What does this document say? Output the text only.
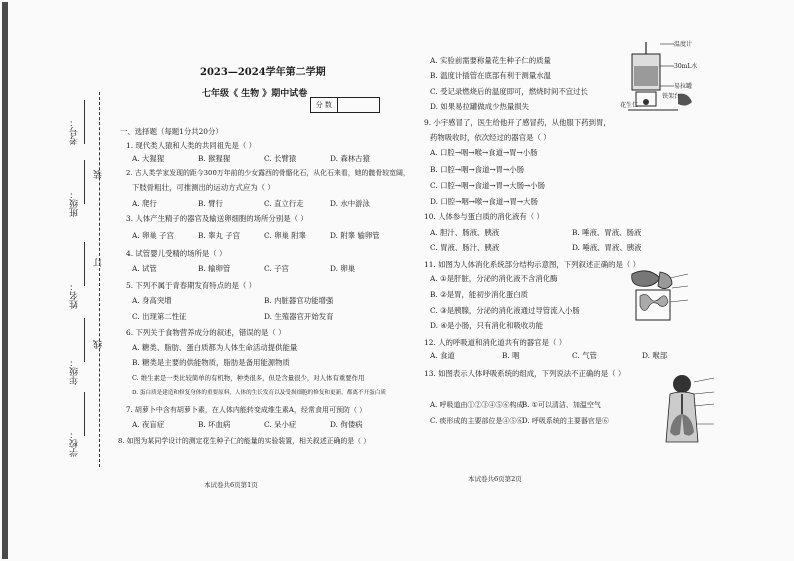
考号：
班级：
姓名：
年级：
学校：
装
订
线
2023—2024学年第二学期
七年级《 生物 》期中试卷
分 数
一、选择题（每题1分共20分）
1. 现代类人猿和人类的共同祖先是（ ）
A. 大猩猩	B. 猴猩猩	C. 长臂猿	D. 森林古猿
2. 古人类学家发现的距今300万年前的少女露西的骨骼化石，从化石来看，她的髋骨较宽阔，
下肢骨粗壮，可推测出的运动方式应为（ ）
A. 爬行	B. 臂行	C. 直立行走	D. 水中游泳
3. 人体产生精子的器官及输送卵细胞的场所分别是（ ）
A. 卵巢 子宫	B. 睾丸 子宫	C. 卵巢 附睾	D. 附睾 输卵管
4. 试管婴儿受精的场所是（ ）
A. 试管	B. 输卵管	C. 子宫	D. 卵巢
5. 下列不属于青春期发育特点的是（ ）
A. 身高突增	B. 内脏器官功能增强
C. 出现第二性征	D. 生殖器官开始发育
6. 下列关于食物营养成分的叙述，错误的是（ ）
A. 糖类、脂肪、蛋白质都为人体生命活动提供能量
B. 糖类是主要的供能物质，脂肪是备用能源物质
C. 维生素是一类比较简单的有机物，种类很多，但是含量很少，对人体有重要作用
D. 蛋白质是建造和修复身体的重要原料，人体的生长发育以及受损细胞的修复和更新，都离不开蛋白质
7. 胡萝卜中含有胡萝卜素，在人体内能转变成维生素A，经常食用可预防（ ）
A. 夜盲症	B. 坏血病	C. 呆小症	D. 佝偻病
8. 如图为某同学设计的测定花生种子仁的能量的实验装置，相关叙述正确的是（ ）
本试卷共6页第1页
A. 实验前需要称量花生种子仁的质量
B. 温度计插管在底部有利于测量水温
C. 受记录燃烧后的温度即可，燃烧时间不宜过长
D. 如果易拉罐做成少热量损失
温度计
30mL水
易拉罐
花生仁
铁架台
9. 小宇感冒了，医生给他开了感冒药，从他服下药到胃，
药物吸收时，依次经过的器官是（ ）
A. 口腔→咽→喉→食道→胃→小肠
B. 口腔→咽→食道→胃→小肠
C. 口腔→咽→食道→胃→大肠→小肠
D. 口腔→咽→喉→食道→胃→大肠
10. 人体参与蛋白质的消化液有（ ）
A. 胆汁、肠液、胰液	B. 唾液、胃液、肠液
C. 胃液、肠汁、胰液	D. 唾液、胃液、胰液
11. 如图为人体消化系统部分结构示意图，下列叙述正确的是（ ）
A. ①是肝脏，分泌的消化液不含消化酶
B. ②是胃，能初步消化蛋白质
C. ③是胰腺，分泌的消化液通过导管流入小肠
D. ④是小肠，只有消化和吸收功能
12. 人的呼吸道和消化道共有的器官是（ ）
A. 食道	B. 咽	C. 气管	D. 喉部
13. 如图表示人体呼吸系统的组成，下列说法不正确的是（ ）
A. 呼吸道由①②③④⑤⑥构成
B. ①可以清洁、加温空气
C. 痰形成的主要部位是④⑤⑥
D. 呼吸系统的主要器官是⑥
本试卷共6页第2页
